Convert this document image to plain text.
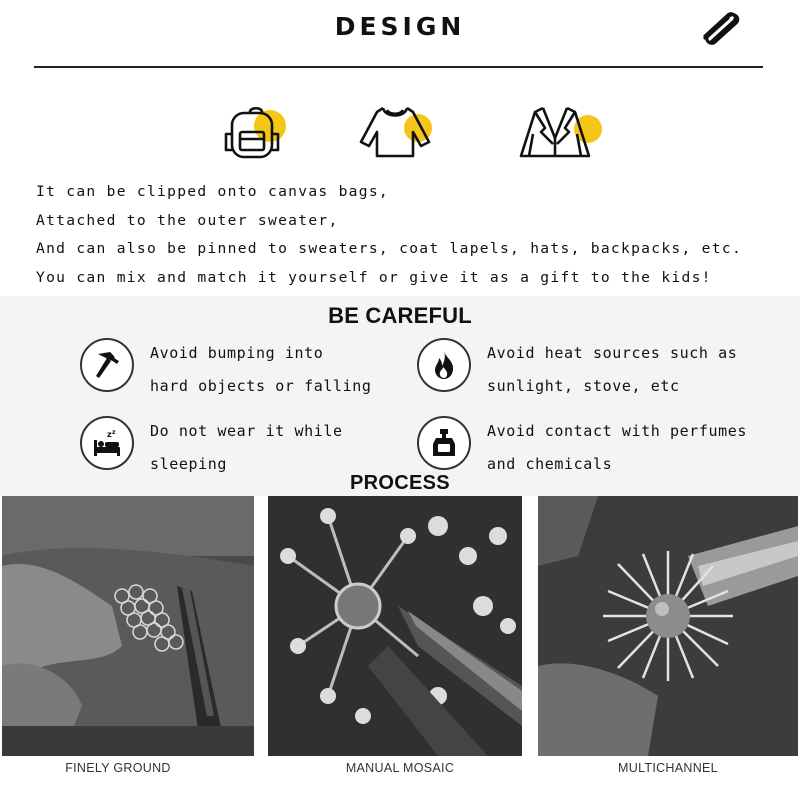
DESIGN
It can be clipped onto canvas bags,
Attached to the outer sweater,
And can also be pinned to sweaters, coat lapels, hats, backpacks, etc.
You can mix and match it yourself or give it as a gift to the kids!
BE CAREFUL
Avoid bumping into
hard objects or falling
Avoid heat sources such as
sunlight, stove, etc
z z Do not wear it while
sleeping
Avoid contact with perfumes
and chemicals
PROCESS
FINELY GROUND	MANUAL MOSAIC	MULTICHANNEL
